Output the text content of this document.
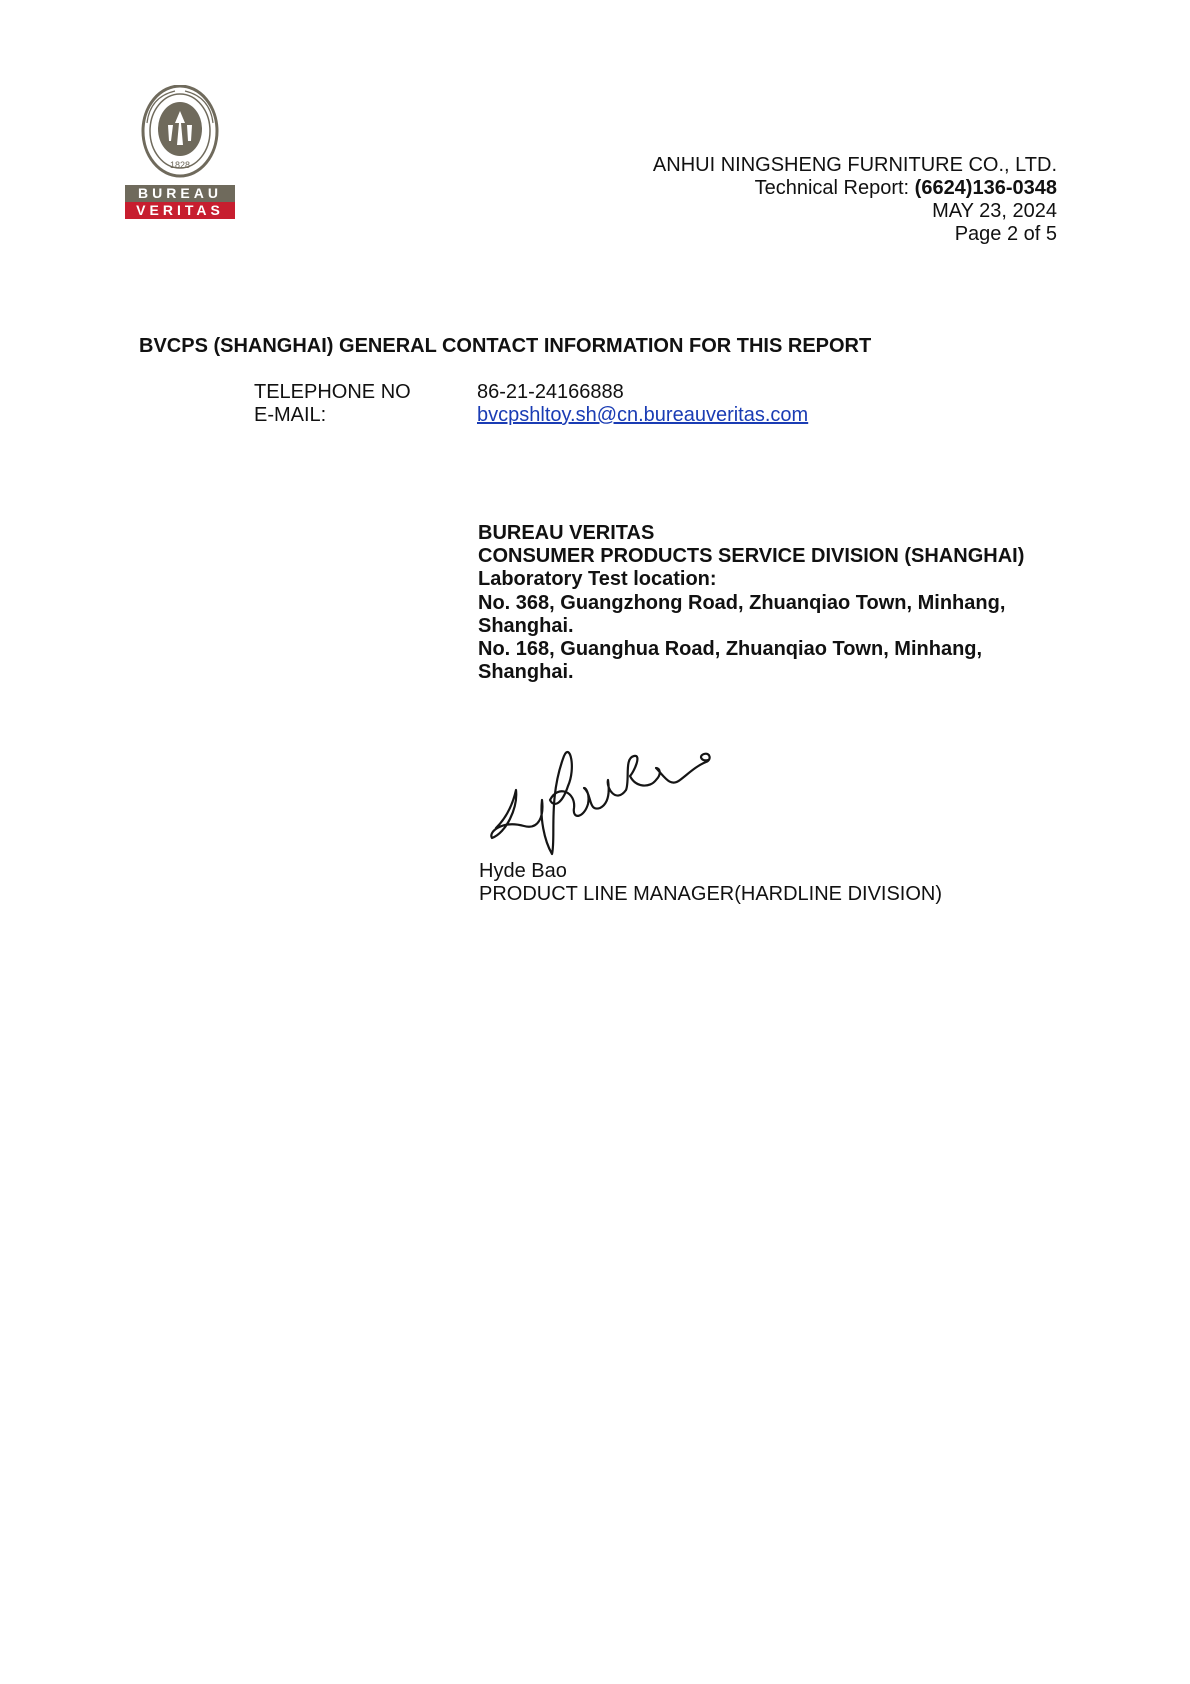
1828
BUREAU
VERITAS
ANHUI NINGSHENG FURNITURE CO., LTD.
Technical Report: (6624)136-0348
MAY 23, 2024
Page 2 of 5
BVCPS (SHANGHAI) GENERAL CONTACT INFORMATION FOR THIS REPORT
TELEPHONE NO	86-21-24166888
E-MAIL:	bvcpshltoy.sh@cn.bureauveritas.com
BUREAU VERITAS
CONSUMER PRODUCTS SERVICE DIVISION (SHANGHAI)
Laboratory Test location:
No. 368, Guangzhong Road, Zhuanqiao Town, Minhang,
Shanghai.
No. 168, Guanghua Road, Zhuanqiao Town, Minhang,
Shanghai.
Hyde Bao
PRODUCT LINE MANAGER(HARDLINE DIVISION)
